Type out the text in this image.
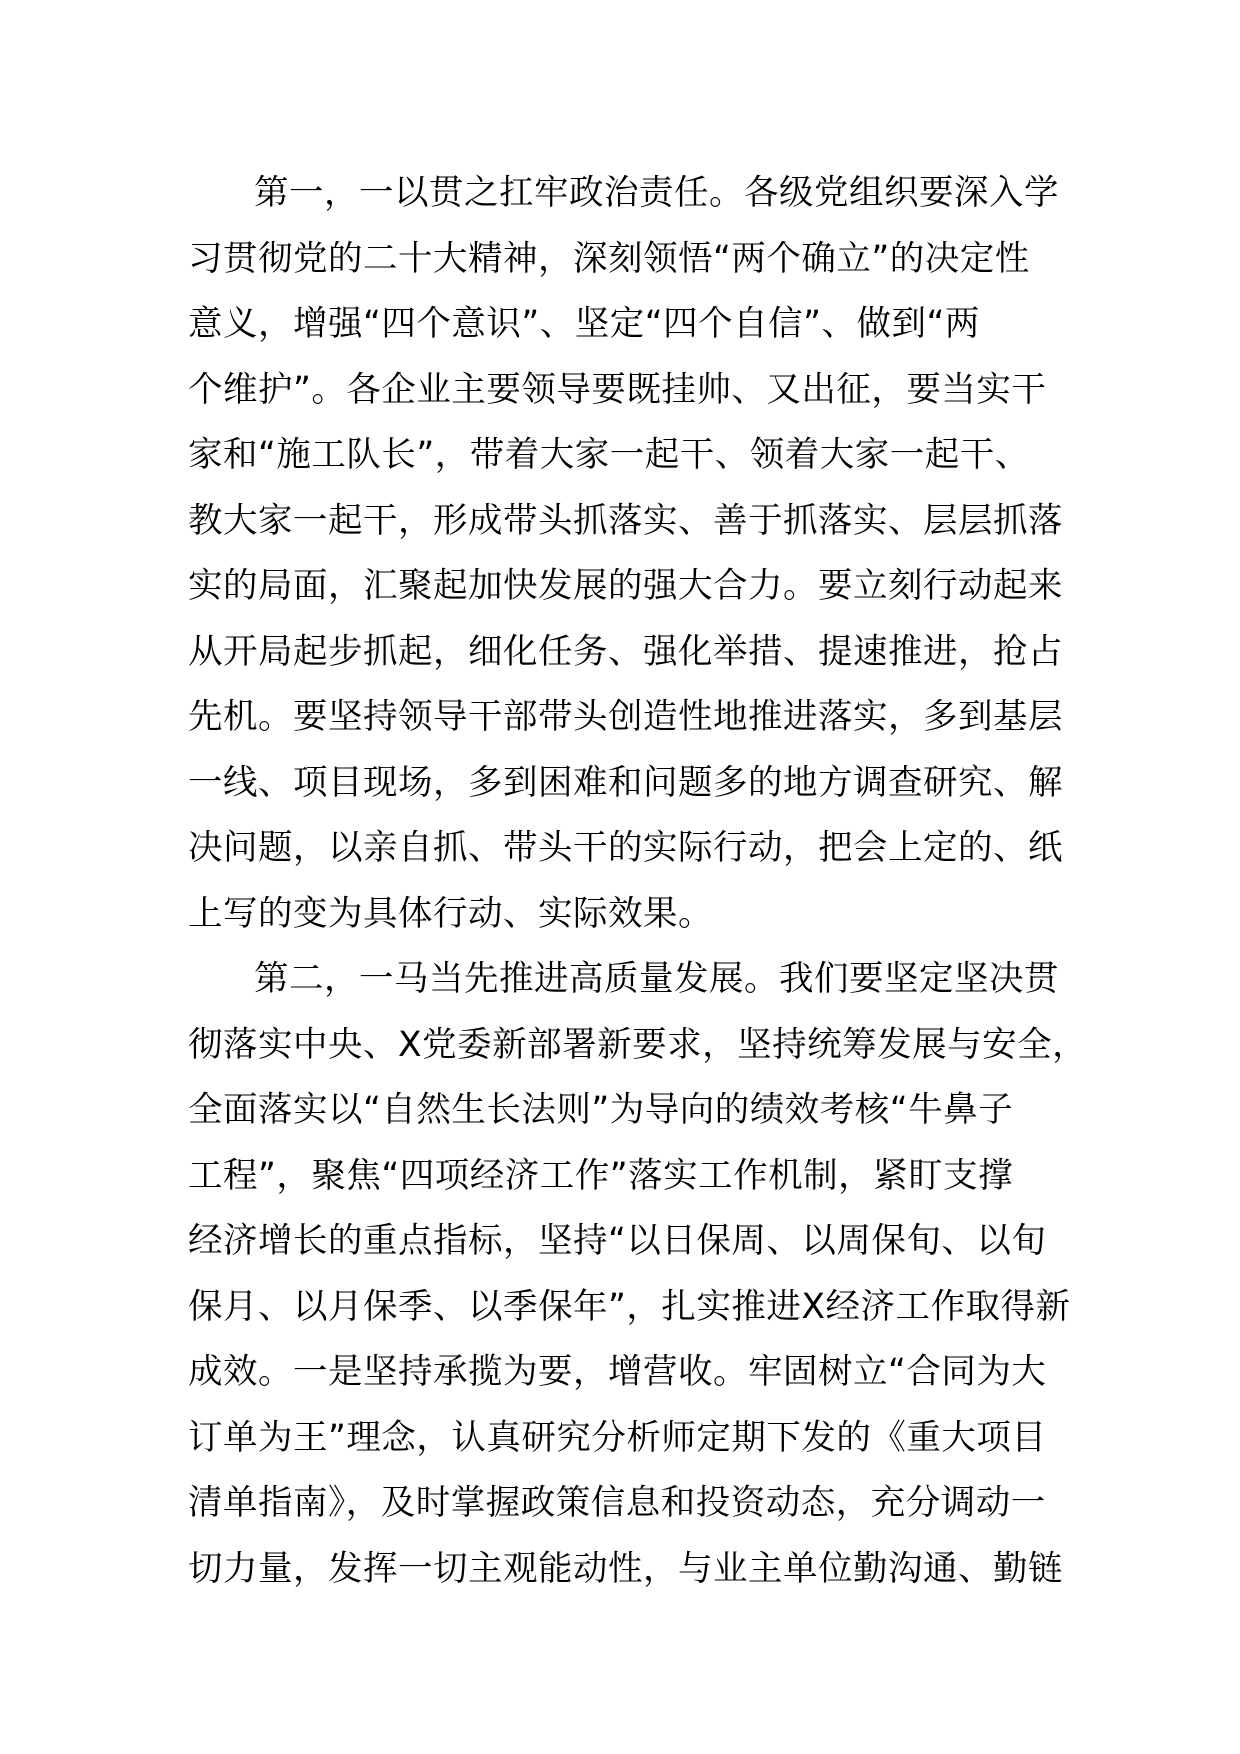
第一，一以贯之扛牢政治责任。各级党组织要深入学
习贯彻党的二十大精神，深刻领悟“两个确立”的决定性
意义，增强“四个意识”、坚定“四个自信”、做到“两
个维护”。各企业主要领导要既挂帅、又出征，要当实干
家和“施工队长”，带着大家一起干、领着大家一起干、
教大家一起干，形成带头抓落实、善于抓落实、层层抓落
实的局面，汇聚起加快发展的强大合力。要立刻行动起来
从开局起步抓起，细化任务、强化举措、提速推进，抢占
先机。要坚持领导干部带头创造性地推进落实，多到基层
一线、项目现场，多到困难和问题多的地方调查研究、解
决问题，以亲自抓、带头干的实际行动，把会上定的、纸
上写的变为具体行动、实际效果。
第二，一马当先推进高质量发展。我们要坚定坚决贯
彻落实中央、X党委新部署新要求，坚持统筹发展与安全，
全面落实以“自然生长法则”为导向的绩效考核“牛鼻子
工程”，聚焦“四项经济工作”落实工作机制，紧盯支撑
经济增长的重点指标，坚持“以日保周、以周保旬、以旬
保月、以月保季、以季保年”，扎实推进X经济工作取得新
成效。一是坚持承揽为要，增营收。牢固树立“合同为大
订单为王”理念，认真研究分析师定期下发的《重大项目
清单指南》，及时掌握政策信息和投资动态，充分调动一
切力量，发挥一切主观能动性，与业主单位勤沟通、勤链
